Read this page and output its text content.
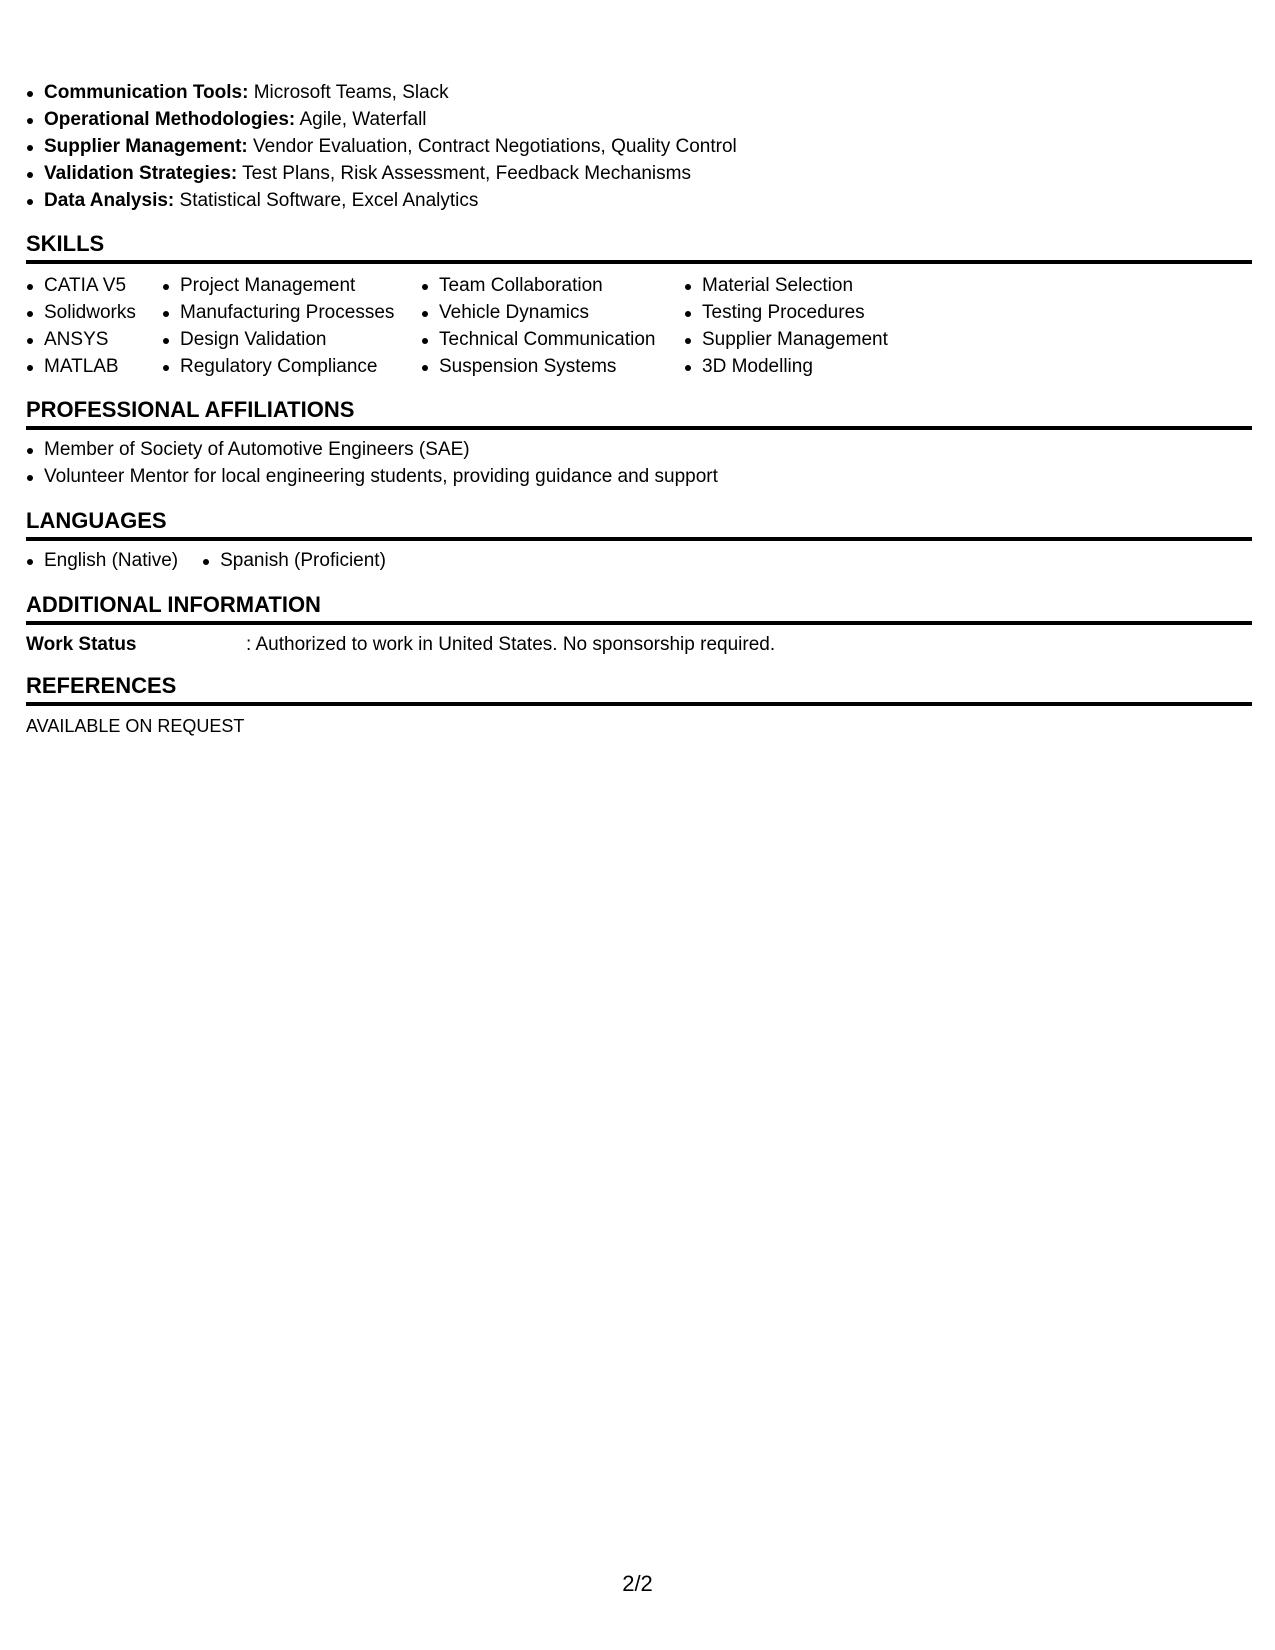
Communication Tools: Microsoft Teams, Slack
Operational Methodologies: Agile, Waterfall
Supplier Management: Vendor Evaluation, Contract Negotiations, Quality Control
Validation Strategies: Test Plans, Risk Assessment, Feedback Mechanisms
Data Analysis: Statistical Software, Excel Analytics
SKILLS
CATIA V5
Solidworks
ANSYS
MATLAB
Project Management
Manufacturing Processes
Design Validation
Regulatory Compliance
Team Collaboration
Vehicle Dynamics
Technical Communication
Suspension Systems
Material Selection
Testing Procedures
Supplier Management
3D Modelling
PROFESSIONAL AFFILIATIONS
Member of Society of Automotive Engineers (SAE)
Volunteer Mentor for local engineering students, providing guidance and support
LANGUAGES
English (Native)	Spanish (Proficient)
ADDITIONAL INFORMATION
Work Status	: Authorized to work in United States. No sponsorship required.
REFERENCES
AVAILABLE ON REQUEST
2/2
